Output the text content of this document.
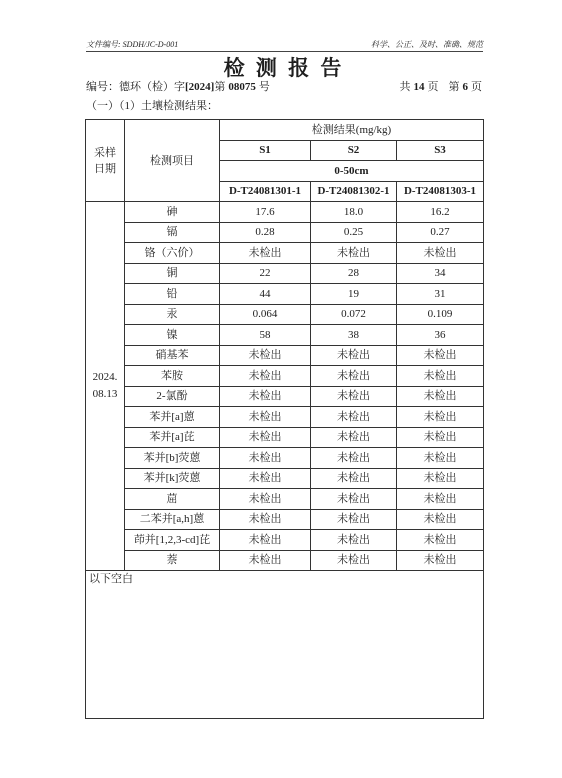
文件编号: SDDH/JC-D-001	科学、公正、及时、准确、规范
检 测 报 告
编号：德环（检）字[2024]第 08075 号	共 14 页 第 6 页
（一）（1）土壤检测结果：
采样
日期	检测项目	检测结果(mg/kg)		
		S1	S2	S3
		0-50cm		
		D-T24081301-1	D-T24081302-1	D-T24081303-1
2024.
08.13	砷	17.6	18.0	16.2
	镉	0.28	0.25	0.27
	铬（六价）	未检出	未检出	未检出
	铜	22	28	34
	铅	44	19	31
	汞	0.064	0.072	0.109
	镍	58	38	36
	硝基苯	未检出	未检出	未检出
	苯胺	未检出	未检出	未检出
	2-氯酚	未检出	未检出	未检出
	苯并[a]蒽	未检出	未检出	未检出
	苯并[a]芘	未检出	未检出	未检出
	苯并[b]荧蒽	未检出	未检出	未检出
	苯并[k]荧蒽	未检出	未检出	未检出
	䓛	未检出	未检出	未检出
	二苯并[a,h]蒽	未检出	未检出	未检出
	茚并[1,2,3-cd]芘	未检出	未检出	未检出
	萘	未检出	未检出	未检出
以下空白				
